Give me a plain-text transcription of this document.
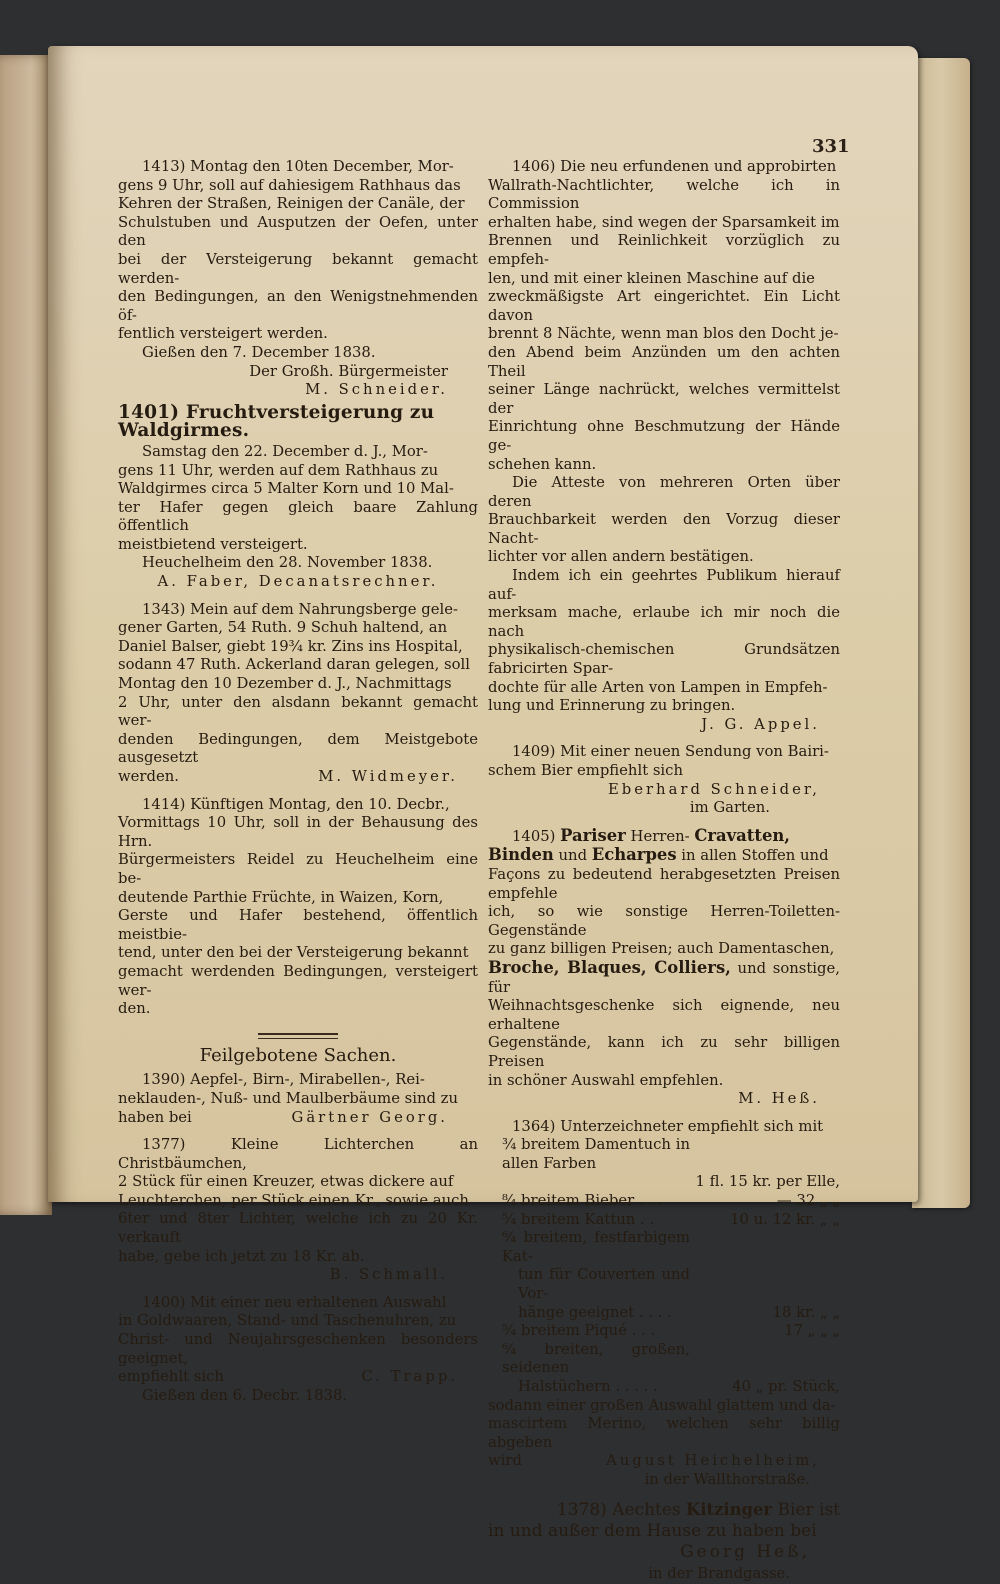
331

1413) Montag den 10ten December, Mor-

gens 9 Uhr, soll auf dahiesigem Rathhaus das

Kehren der Straßen, Reinigen der Canäle, der

Schulstuben und Ausputzen der Oefen, unter den

bei der Versteigerung bekannt gemacht werden-

den Bedingungen, an den Wenigstnehmenden öf-

fentlich versteigert werden.

Gießen den 7. December 1838.

Der Großh. Bürgermeister

M. Schneider.

1401) Fruchtversteigerung zu Waldgirmes.

Samstag den 22. December d. J., Mor-

gens 11 Uhr, werden auf dem Rathhaus zu

Waldgirmes circa 5 Malter Korn und 10 Mal-

ter Hafer gegen gleich baare Zahlung öffentlich

meistbietend versteigert.

Heuchelheim den 28. November 1838.

A. Faber, Decanatsrechner.

1343) Mein auf dem Nahrungsberge gele-

gener Garten, 54 Ruth. 9 Schuh haltend, an

Daniel Balser, giebt 19¾ kr. Zins ins Hospital,

sodann 47 Ruth. Ackerland daran gelegen, soll

Montag den 10 Dezember d. J., Nachmittags

2 Uhr, unter den alsdann bekannt gemacht wer-

denden Bedingungen, dem Meistgebote ausgesetzt

werden.	M. Widmeyer.

1414) Künftigen Montag, den 10. Decbr.,

Vormittags 10 Uhr, soll in der Behausung des Hrn.

Bürgermeisters Reidel zu Heuchelheim eine be-

deutende Parthie Früchte, in Waizen, Korn,

Gerste und Hafer bestehend, öffentlich meistbie-

tend, unter den bei der Versteigerung bekannt

gemacht werdenden Bedingungen, versteigert wer-

den.

Feilgebotene Sachen.

1390) Aepfel-, Birn-, Mirabellen-, Rei-

neklauden-, Nuß- und Maulberbäume sind zu

haben bei	Gärtner Georg.

1377) Kleine Lichterchen an Christbäumchen,

2 Stück für einen Kreuzer, etwas dickere auf

Leuchterchen, per Stück einen Kr., sowie auch

6ter und 8ter Lichter, welche ich zu 20 Kr. verkauft

habe, gebe ich jetzt zu 18 Kr. ab.

B. Schmall.

1400) Mit einer neu erhaltenen Auswahl

in Goldwaaren, Stand- und Taschenuhren, zu

Christ- und Neujahrsgeschenken besonders geeignet,

empfiehlt sich	C. Trapp.

Gießen den 6. Decbr. 1838.

1406) Die neu erfundenen und approbirten

Wallrath-Nachtlichter, welche ich in Commission

erhalten habe, sind wegen der Sparsamkeit im

Brennen und Reinlichkeit vorzüglich zu empfeh-

len, und mit einer kleinen Maschine auf die

zweckmäßigste Art eingerichtet. Ein Licht davon

brennt 8 Nächte, wenn man blos den Docht je-

den Abend beim Anzünden um den achten Theil

seiner Länge nachrückt, welches vermittelst der

Einrichtung ohne Beschmutzung der Hände ge-

schehen kann.

Die Atteste von mehreren Orten über deren

Brauchbarkeit werden den Vorzug dieser Nacht-

lichter vor allen andern bestätigen.

Indem ich ein geehrtes Publikum hierauf auf-

merksam mache, erlaube ich mir noch die nach

physikalisch-chemischen Grundsätzen fabricirten Spar-

dochte für alle Arten von Lampen in Empfeh-

lung und Erinnerung zu bringen.

J. G. Appel.

1409) Mit einer neuen Sendung von Bairi-

schem Bier empfiehlt sich

Eberhard Schneider,

im Garten.

1405) Pariser Herren- Cravatten,

Binden und Echarpes in allen Stoffen und

Façons zu bedeutend herabgesetzten Preisen empfehle

ich, so wie sonstige Herren-Toiletten-Gegenstände

zu ganz billigen Preisen; auch Damentaschen,

Broche, Blaques, Colliers, und sonstige, für

Weihnachtsgeschenke sich eignende, neu erhaltene

Gegenstände, kann ich zu sehr billigen Preisen

in schöner Auswahl empfehlen.

M. Heß.

1364) Unterzeichneter empfiehlt sich mit

¾ breitem Damentuch in allen Farben
1 fl. 15 kr. per Elle,
⁸⁄₄ breitem Bieber . . .	— 32 „ „
⁵⁄₄ breitem Kattun . .	10 u. 12 kr. „ „
⁶⁄₄ breitem, festfarbigem Kat-
tun für Couverten und Vor-
hänge geeignet . . . .	18 kr. „ „
⁵⁄₄ breitem Piqué . . .	17 „ „ „
⁶⁄₄ breiten, großen, seidenen
Halstüchern . . . . .	40 „ pr. Stück,

sodann einer großen Auswahl glattem und da-

mascirtem Merino, welchen sehr billig abgeben

wird	August Heichelheim,

in der Wallthorstraße.

1378) Aechtes Kitzinger Bier ist

in und außer dem Hause zu haben bei

Georg Heß,

in der Brandgasse.
